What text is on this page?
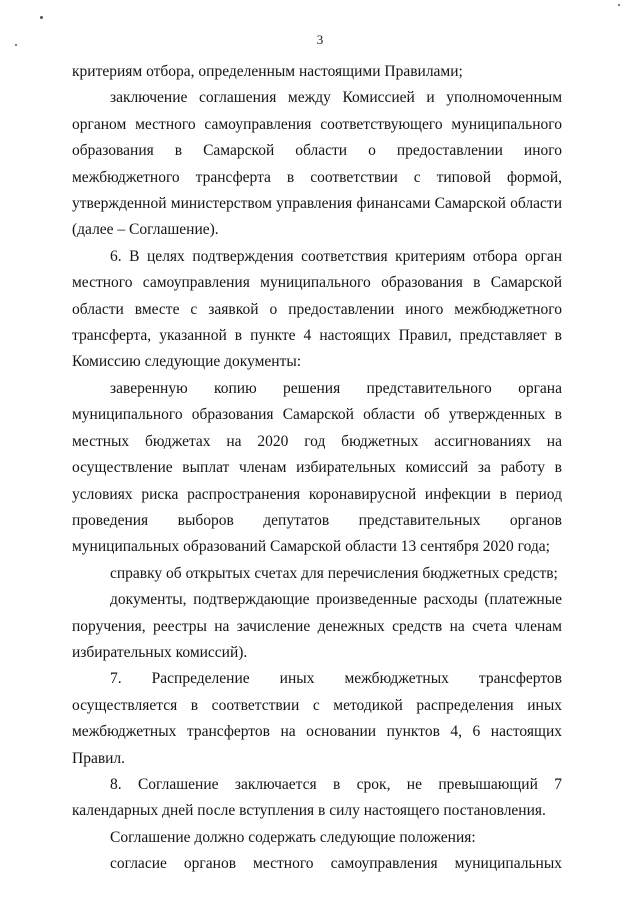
3

критериям отбора, определенным настоящими Правилами;

заключение соглашения между Комиссией и уполномоченным органом местного самоуправления соответствующего муниципального образования в Самарской области о предоставлении иного межбюджетного трансферта в соответствии с типовой формой, утвержденной министерством управления финансами Самарской области (далее – Соглашение).

6. В целях подтверждения соответствия критериям отбора орган местного самоуправления муниципального образования в Самарской области вместе с заявкой о предоставлении иного межбюджетного трансферта, указанной в пункте 4 настоящих Правил, представляет в Комиссию следующие документы:

заверенную копию решения представительного органа муниципального образования Самарской области об утвержденных в местных бюджетах на 2020 год бюджетных ассигнованиях на осуществление выплат членам избирательных комиссий за работу в условиях риска распространения коронавирусной инфекции в период проведения выборов депутатов представительных органов муниципальных образований Самарской области 13 сентября 2020 года;

справку об открытых счетах для перечисления бюджетных средств;

документы, подтверждающие произведенные расходы (платежные поручения, реестры на зачисление денежных средств на счета членам избирательных комиссий).

7. Распределение иных межбюджетных трансфертов осуществляется в соответствии с методикой распределения иных межбюджетных трансфертов на основании пунктов 4, 6 настоящих Правил.

8. Соглашение заключается в срок, не превышающий 7 календарных дней после вступления в силу настоящего постановления.

Соглашение должно содержать следующие положения:

согласие органов местного самоуправления муниципальных
